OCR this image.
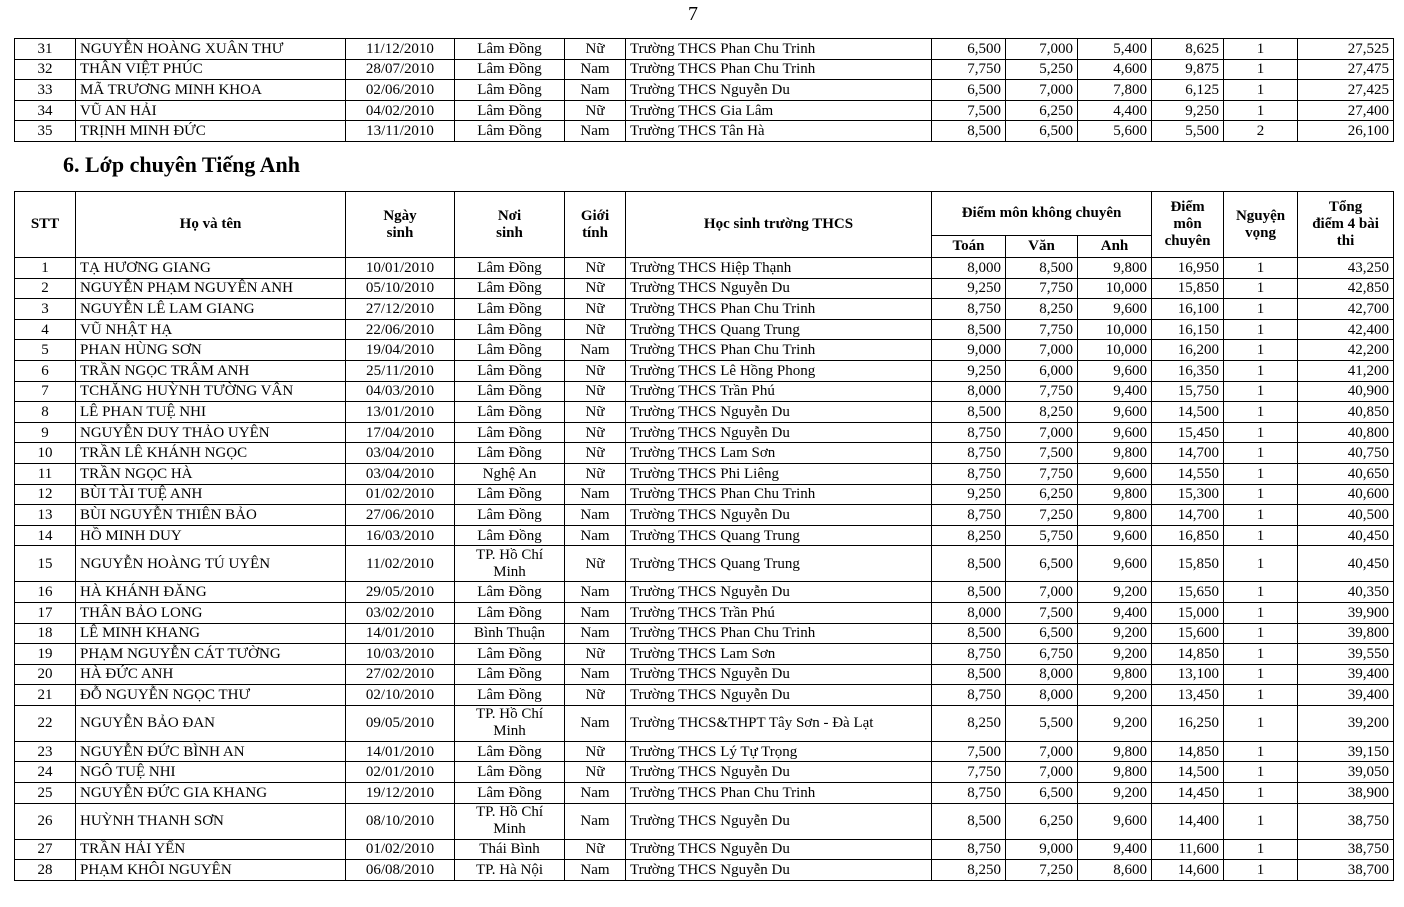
7
31	NGUYỄN HOÀNG XUÂN THƯ	11/12/2010	Lâm Đồng	Nữ	Trường THCS Phan Chu Trinh	6,500	7,000	5,400	8,625	1	27,525
32	THÂN VIỆT PHÚC	28/07/2010	Lâm Đồng	Nam	Trường THCS Phan Chu Trinh	7,750	5,250	4,600	9,875	1	27,475
33	MÃ TRƯƠNG MINH KHOA	02/06/2010	Lâm Đồng	Nam	Trường THCS Nguyễn Du	6,500	7,000	7,800	6,125	1	27,425
34	VŨ AN HẢI	04/02/2010	Lâm Đồng	Nữ	Trường THCS Gia Lâm	7,500	6,250	4,400	9,250	1	27,400
35	TRỊNH MINH ĐỨC	13/11/2010	Lâm Đồng	Nam	Trường THCS Tân Hà	8,500	6,500	5,600	5,500	2	26,100
6. Lớp chuyên Tiếng Anh
STT	Họ và tên	Ngày sinh	Nơi sinh	Giới tính	Học sinh trường THCS	Điểm môn không chuyên			Điểm môn chuyên	Nguyện vọng	Tổng điểm 4 bài thi
						Toán	Văn	Anh			
1	TẠ HƯƠNG GIANG	10/01/2010	Lâm Đồng	Nữ	Trường THCS Hiệp Thạnh	8,000	8,500	9,800	16,950	1	43,250
2	NGUYỄN PHẠM NGUYÊN ANH	05/10/2010	Lâm Đồng	Nữ	Trường THCS Nguyễn Du	9,250	7,750	10,000	15,850	1	42,850
3	NGUYỄN LÊ LAM GIANG	27/12/2010	Lâm Đồng	Nữ	Trường THCS Phan Chu Trinh	8,750	8,250	9,600	16,100	1	42,700
4	VŨ NHẬT HẠ	22/06/2010	Lâm Đồng	Nữ	Trường THCS Quang Trung	8,500	7,750	10,000	16,150	1	42,400
5	PHAN HÙNG SƠN	19/04/2010	Lâm Đồng	Nam	Trường THCS Phan Chu Trinh	9,000	7,000	10,000	16,200	1	42,200
6	TRẦN NGỌC TRÂM ANH	25/11/2010	Lâm Đồng	Nữ	Trường THCS Lê Hồng Phong	9,250	6,000	9,600	16,350	1	41,200
7	TCHĂNG HUỲNH TƯỜNG VÂN	04/03/2010	Lâm Đồng	Nữ	Trường THCS Trần Phú	8,000	7,750	9,400	15,750	1	40,900
8	LÊ PHAN TUỆ NHI	13/01/2010	Lâm Đồng	Nữ	Trường THCS Nguyễn Du	8,500	8,250	9,600	14,500	1	40,850
9	NGUYỄN DUY THẢO UYÊN	17/04/2010	Lâm Đồng	Nữ	Trường THCS Nguyễn Du	8,750	7,000	9,600	15,450	1	40,800
10	TRẦN LÊ KHÁNH NGỌC	03/04/2010	Lâm Đồng	Nữ	Trường THCS Lam Sơn	8,750	7,500	9,800	14,700	1	40,750
11	TRẦN NGỌC HÀ	03/04/2010	Nghệ An	Nữ	Trường THCS Phi Liêng	8,750	7,750	9,600	14,550	1	40,650
12	BÙI TÀI TUỆ ANH	01/02/2010	Lâm Đồng	Nam	Trường THCS Phan Chu Trinh	9,250	6,250	9,800	15,300	1	40,600
13	BÙI NGUYỄN THIÊN BẢO	27/06/2010	Lâm Đồng	Nam	Trường THCS Nguyễn Du	8,750	7,250	9,800	14,700	1	40,500
14	HỒ MINH DUY	16/03/2010	Lâm Đồng	Nam	Trường THCS Quang Trung	8,250	5,750	9,600	16,850	1	40,450
15	NGUYỄN HOÀNG TÚ UYÊN	11/02/2010	TP. Hồ Chí Minh	Nữ	Trường THCS Quang Trung	8,500	6,500	9,600	15,850	1	40,450
16	HÀ KHÁNH ĐĂNG	29/05/2010	Lâm Đồng	Nam	Trường THCS Nguyễn Du	8,500	7,000	9,200	15,650	1	40,350
17	THÂN BẢO LONG	03/02/2010	Lâm Đồng	Nam	Trường THCS Trần Phú	8,000	7,500	9,400	15,000	1	39,900
18	LÊ MINH KHANG	14/01/2010	Bình Thuận	Nam	Trường THCS Phan Chu Trinh	8,500	6,500	9,200	15,600	1	39,800
19	PHẠM NGUYỄN CÁT TƯỜNG	10/03/2010	Lâm Đồng	Nữ	Trường THCS Lam Sơn	8,750	6,750	9,200	14,850	1	39,550
20	HÀ ĐỨC ANH	27/02/2010	Lâm Đồng	Nam	Trường THCS Nguyễn Du	8,500	8,000	9,800	13,100	1	39,400
21	ĐỖ NGUYỄN NGỌC THƯ	02/10/2010	Lâm Đồng	Nữ	Trường THCS Nguyễn Du	8,750	8,000	9,200	13,450	1	39,400
22	NGUYỄN BẢO ĐAN	09/05/2010	TP. Hồ Chí Minh	Nam	Trường THCS&THPT Tây Sơn - Đà Lạt	8,250	5,500	9,200	16,250	1	39,200
23	NGUYỄN ĐỨC BÌNH AN	14/01/2010	Lâm Đồng	Nữ	Trường THCS Lý Tự Trọng	7,500	7,000	9,800	14,850	1	39,150
24	NGÔ TUỆ NHI	02/01/2010	Lâm Đồng	Nữ	Trường THCS Nguyễn Du	7,750	7,000	9,800	14,500	1	39,050
25	NGUYỄN ĐỨC GIA KHANG	19/12/2010	Lâm Đồng	Nam	Trường THCS Phan Chu Trinh	8,750	6,500	9,200	14,450	1	38,900
26	HUỲNH THANH SƠN	08/10/2010	TP. Hồ Chí Minh	Nam	Trường THCS Nguyễn Du	8,500	6,250	9,600	14,400	1	38,750
27	TRẦN HẢI YẾN	01/02/2010	Thái Bình	Nữ	Trường THCS Nguyễn Du	8,750	9,000	9,400	11,600	1	38,750
28	PHẠM KHÔI NGUYÊN	06/08/2010	TP. Hà Nội	Nam	Trường THCS Nguyễn Du	8,250	7,250	8,600	14,600	1	38,700
